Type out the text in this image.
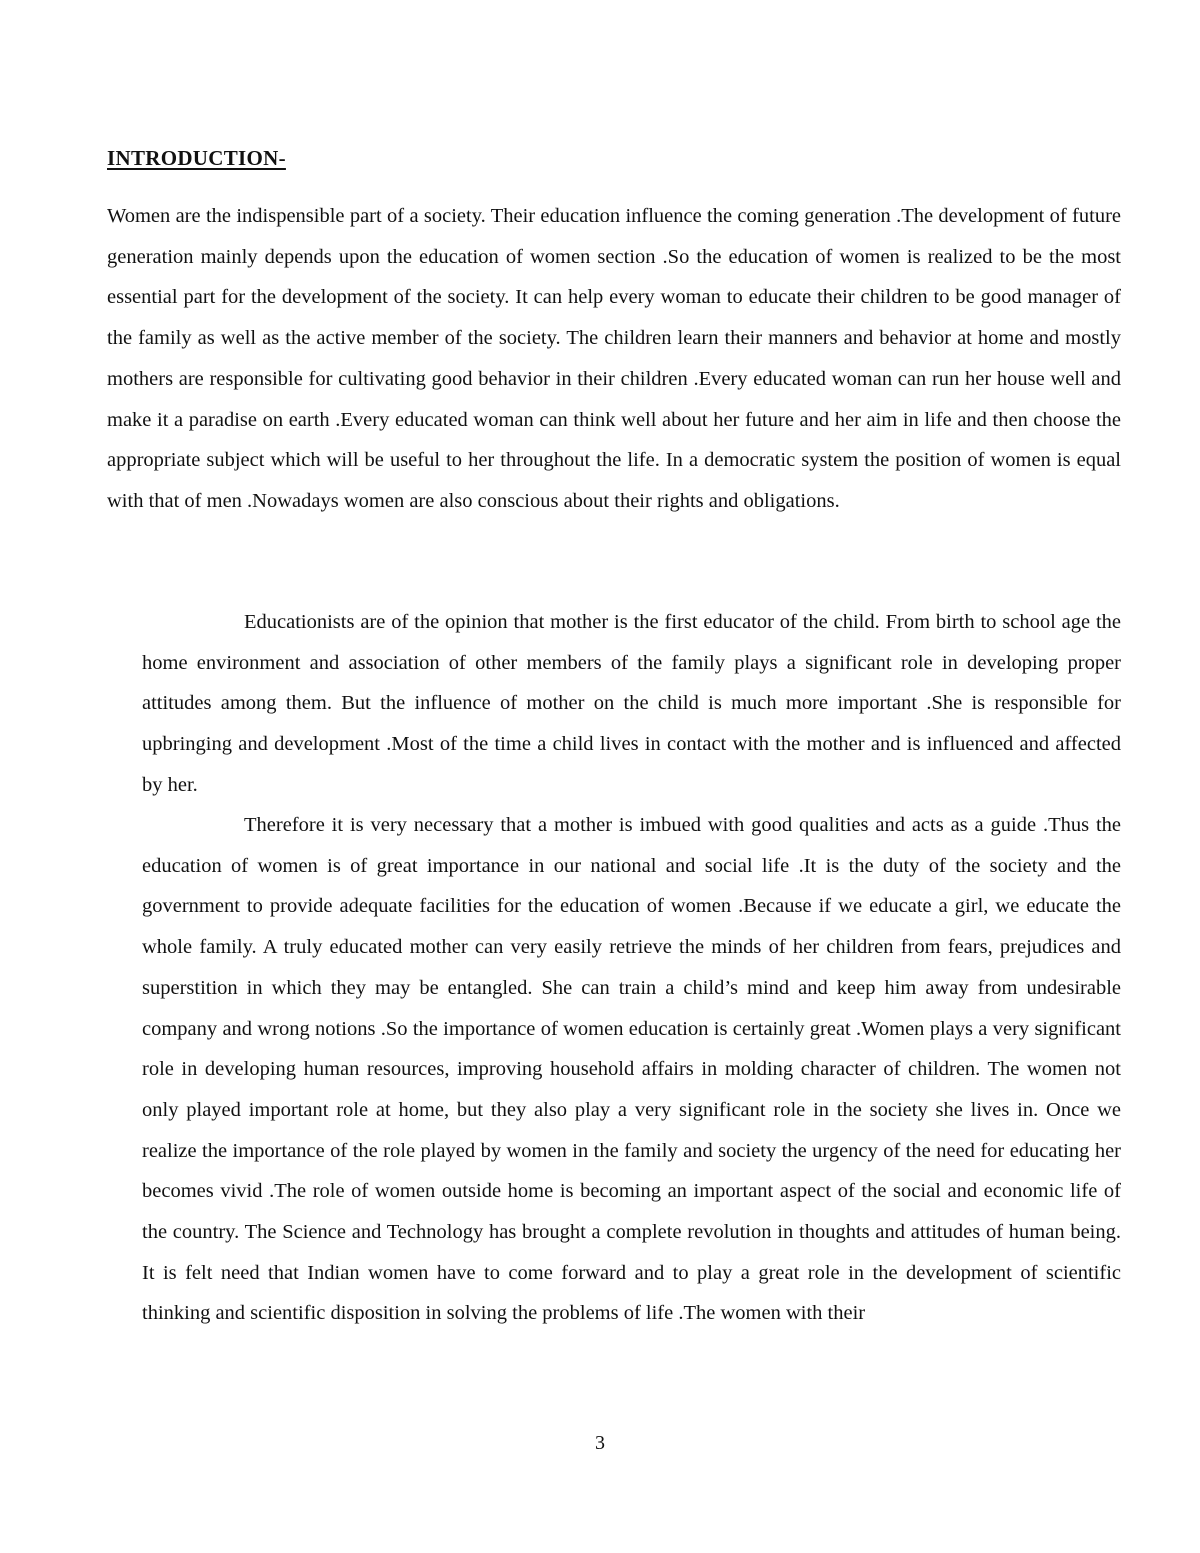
INTRODUCTION-

Women are the indispensible part of a society. Their education influence the coming generation .The development of future generation mainly depends upon the education of women section .So the education of women is realized to be the most essential part for the development of the society. It can help every woman to educate their children to be good manager of the family as well as the active member of the society. The children learn their manners and behavior at home and mostly mothers are responsible for cultivating good behavior in their children .Every educated woman can run her house well and make it a paradise on earth .Every educated woman can think well about her future and her aim in life and then choose the appropriate subject which will be useful to her throughout the life. In a democratic system the position of women is equal with that of men .Nowadays women are also conscious about their rights and obligations.

Educationists are of the opinion that mother is the first educator of the child. From birth to school age the home environment and association of other members of the family plays a significant role in developing proper attitudes among them. But the influence of mother on the child is much more important .She is responsible for upbringing and development .Most of the time a child lives in contact with the mother and is influenced and affected by her.

Therefore it is very necessary that a mother is imbued with good qualities and acts as a guide .Thus the education of women is of great importance in our national and social life .It is the duty of the society and the government to provide adequate facilities for the education of women .Because if we educate a girl, we educate the whole family. A truly educated mother can very easily retrieve the minds of her children from fears, prejudices and superstition in which they may be entangled. She can train a child’s mind and keep him away from undesirable company and wrong notions .So the importance of women education is certainly great .Women plays a very significant role in developing human resources, improving household affairs in molding character of children. The women not only played important role at home, but they also play a very significant role in the society she lives in. Once we realize the importance of the role played by women in the family and society the urgency of the need for educating her becomes vivid .The role of women outside home is becoming an important aspect of the social and economic life of the country. The Science and Technology has brought a complete revolution in thoughts and attitudes of human being. It is felt need that Indian women have to come forward and to play a great role in the development of scientific thinking and scientific disposition in solving the problems of life .The women with their

3
